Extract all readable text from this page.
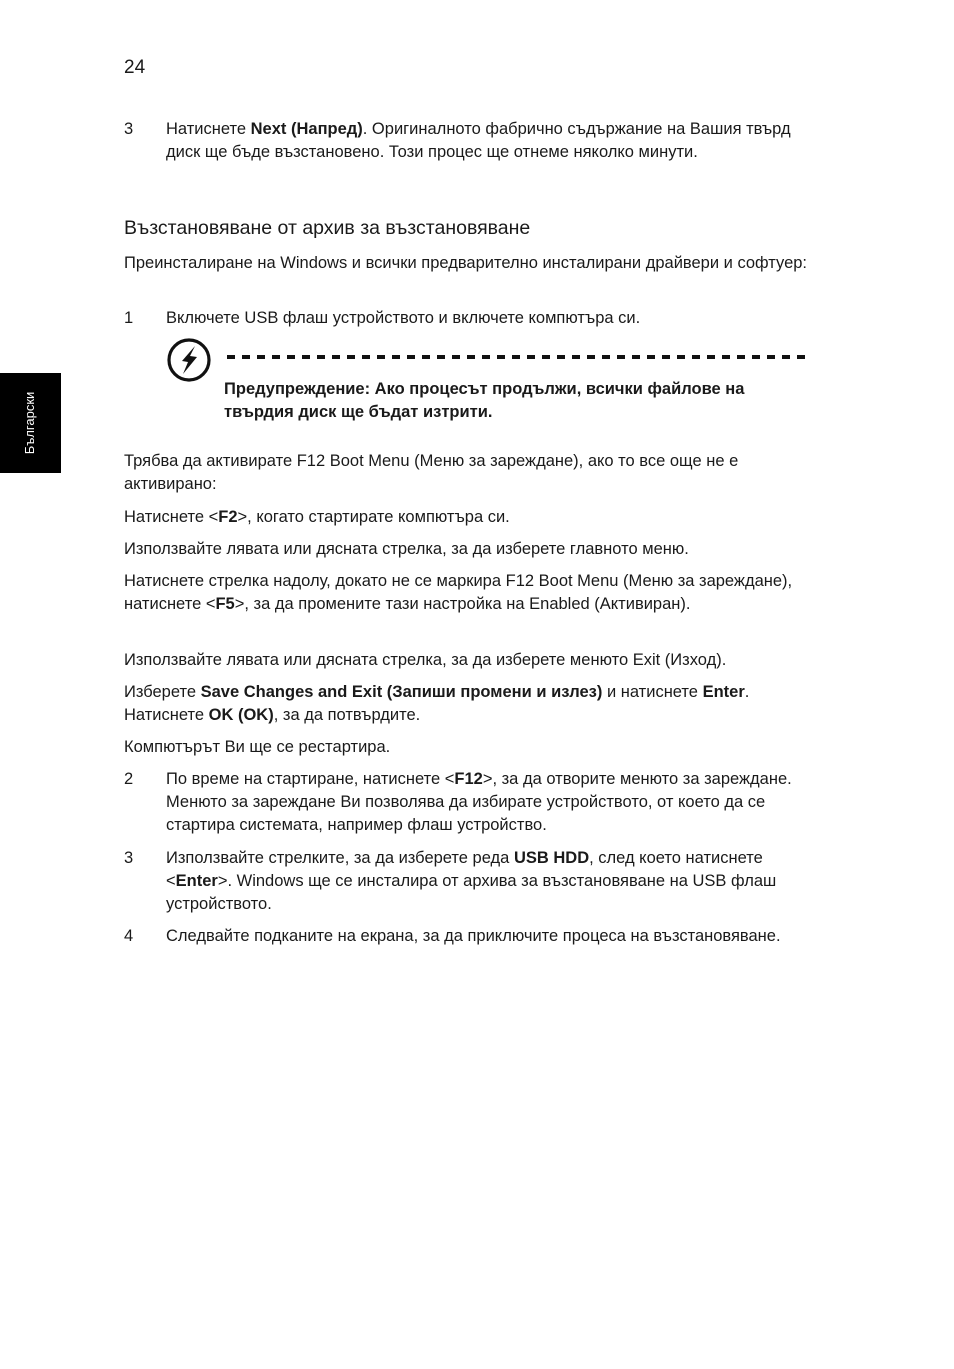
24
Български
3	Натиснете Next (Напред). Оригиналното фабрично съдържание на Вашия твърд диск ще бъде възстановено. Този процес ще отнеме няколко минути.
Възстановяване от архив за възстановяване
Преинсталиране на Windows и всички предварително инсталирани драйвери и софтуер:
1	Включете USB флаш устройството и включете компютъра си.
Предупреждение: Ако процесът продължи, всички файлове на твърдия диск ще бъдат изтрити.
Трябва да активирате F12 Boot Menu (Меню за зареждане), ако то все още не е активирано:
Натиснете <F2>, когато стартирате компютъра си.
Използвайте лявата или дясната стрелка, за да изберете главното меню.
Натиснете стрелка надолу, докато не се маркира F12 Boot Menu (Меню за зареждане), натиснете <F5>, за да промените тази настройка на Enabled (Активиран).
Използвайте лявата или дясната стрелка, за да изберете менюто Exit (Изход).
Изберете Save Changes and Exit (Запиши промени и излез) и натиснете Enter. Натиснете OK (OK), за да потвърдите.
Компютърът Ви ще се рестартира.
2	По време на стартиране, натиснете <F12>, за да отворите менюто за зареждане. Менюто за зареждане Ви позволява да избирате устройството, от което да се стартира системата, например флаш устройство.
3	Използвайте стрелките, за да изберете реда USB HDD, след което натиснете <Enter>. Windows ще се инсталира от архива за възстановяване на USB флаш устройството.
4	Следвайте подканите на екрана, за да приключите процеса на възстановяване.
